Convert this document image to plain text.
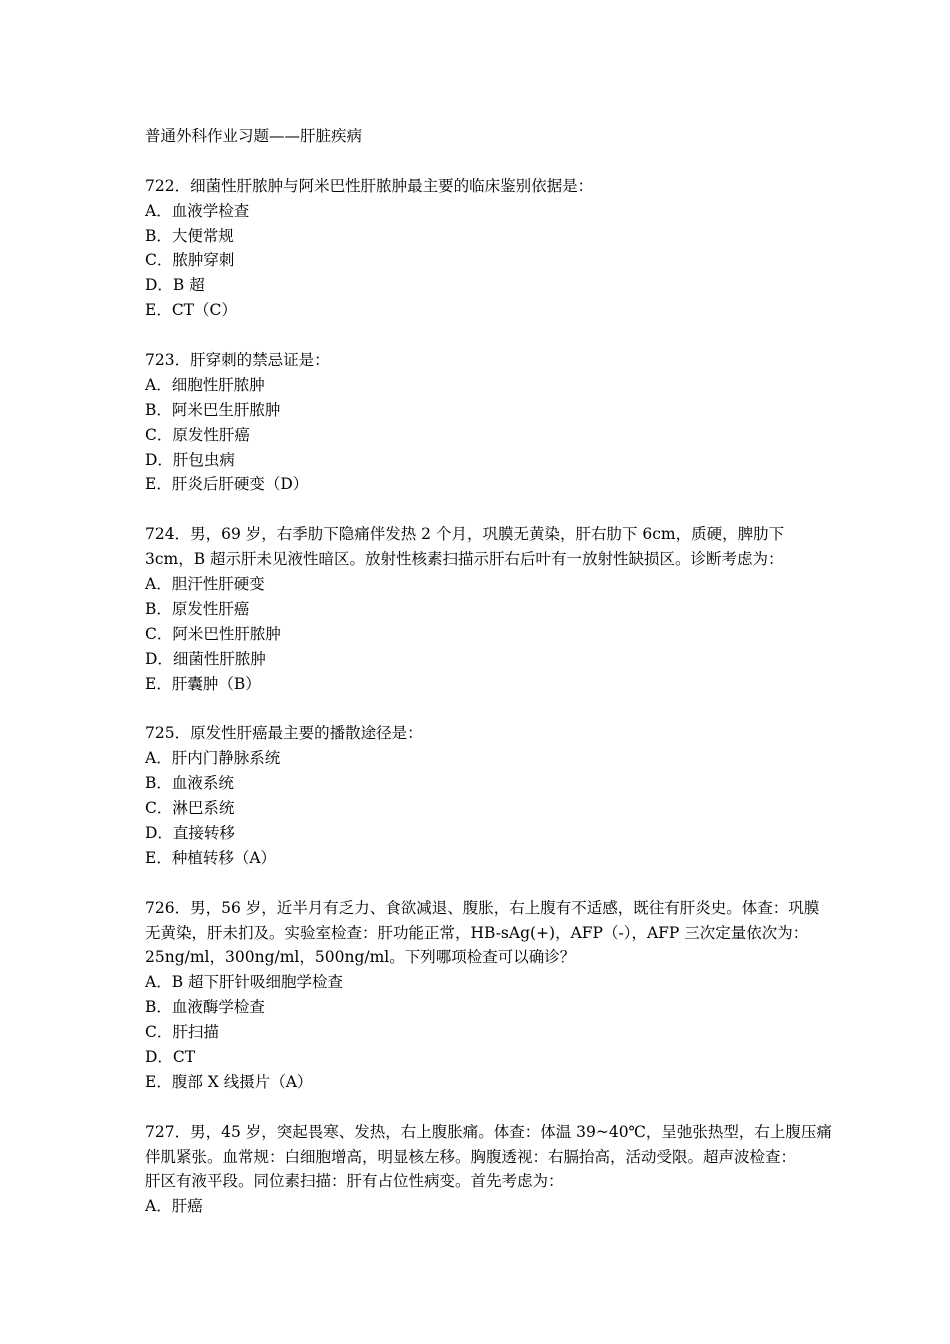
普通外科作业习题——肝脏疾病
722．细菌性肝脓肿与阿米巴性肝脓肿最主要的临床鉴别依据是：
A．血液学检查
B．大便常规
C．脓肿穿刺
D．B 超
E．CT（C）
723．肝穿刺的禁忌证是：
A．细胞性肝脓肿
B．阿米巴生肝脓肿
C．原发性肝癌
D．肝包虫病
E．肝炎后肝硬变（D）
724．男，69 岁，右季肋下隐痛伴发热 2 个月，巩膜无黄染，肝右肋下 6cm，质硬，脾肋下
3cm，B 超示肝未见液性暗区。放射性核素扫描示肝右后叶有一放射性缺损区。诊断考虑为：
A．胆汗性肝硬变
B．原发性肝癌
C．阿米巴性肝脓肿
D．细菌性肝脓肿
E．肝囊肿（B）
725．原发性肝癌最主要的播散途径是：
A．肝内门静脉系统
B．血液系统
C．淋巴系统
D．直接转移
E．种植转移（A）
726．男，56 岁，近半月有乏力、食欲减退、腹胀，右上腹有不适感，既往有肝炎史。体查：巩膜
无黄染，肝未扪及。实验室检查：肝功能正常，HB-sAg(+)，AFP（-），AFP 三次定量依次为：
25ng/ml，300ng/ml，500ng/ml。下列哪项检查可以确诊？
A．B 超下肝针吸细胞学检查
B．血液酶学检查
C．肝扫描
D．CT
E．腹部 X 线摄片（A）
727．男，45 岁，突起畏寒、发热，右上腹胀痛。体查：体温 39~40℃，呈弛张热型，右上腹压痛
伴肌紧张。血常规：白细胞增高，明显核左移。胸腹透视：右膈抬高，活动受限。超声波检查：
肝区有液平段。同位素扫描：肝有占位性病变。首先考虑为：
A．肝癌
